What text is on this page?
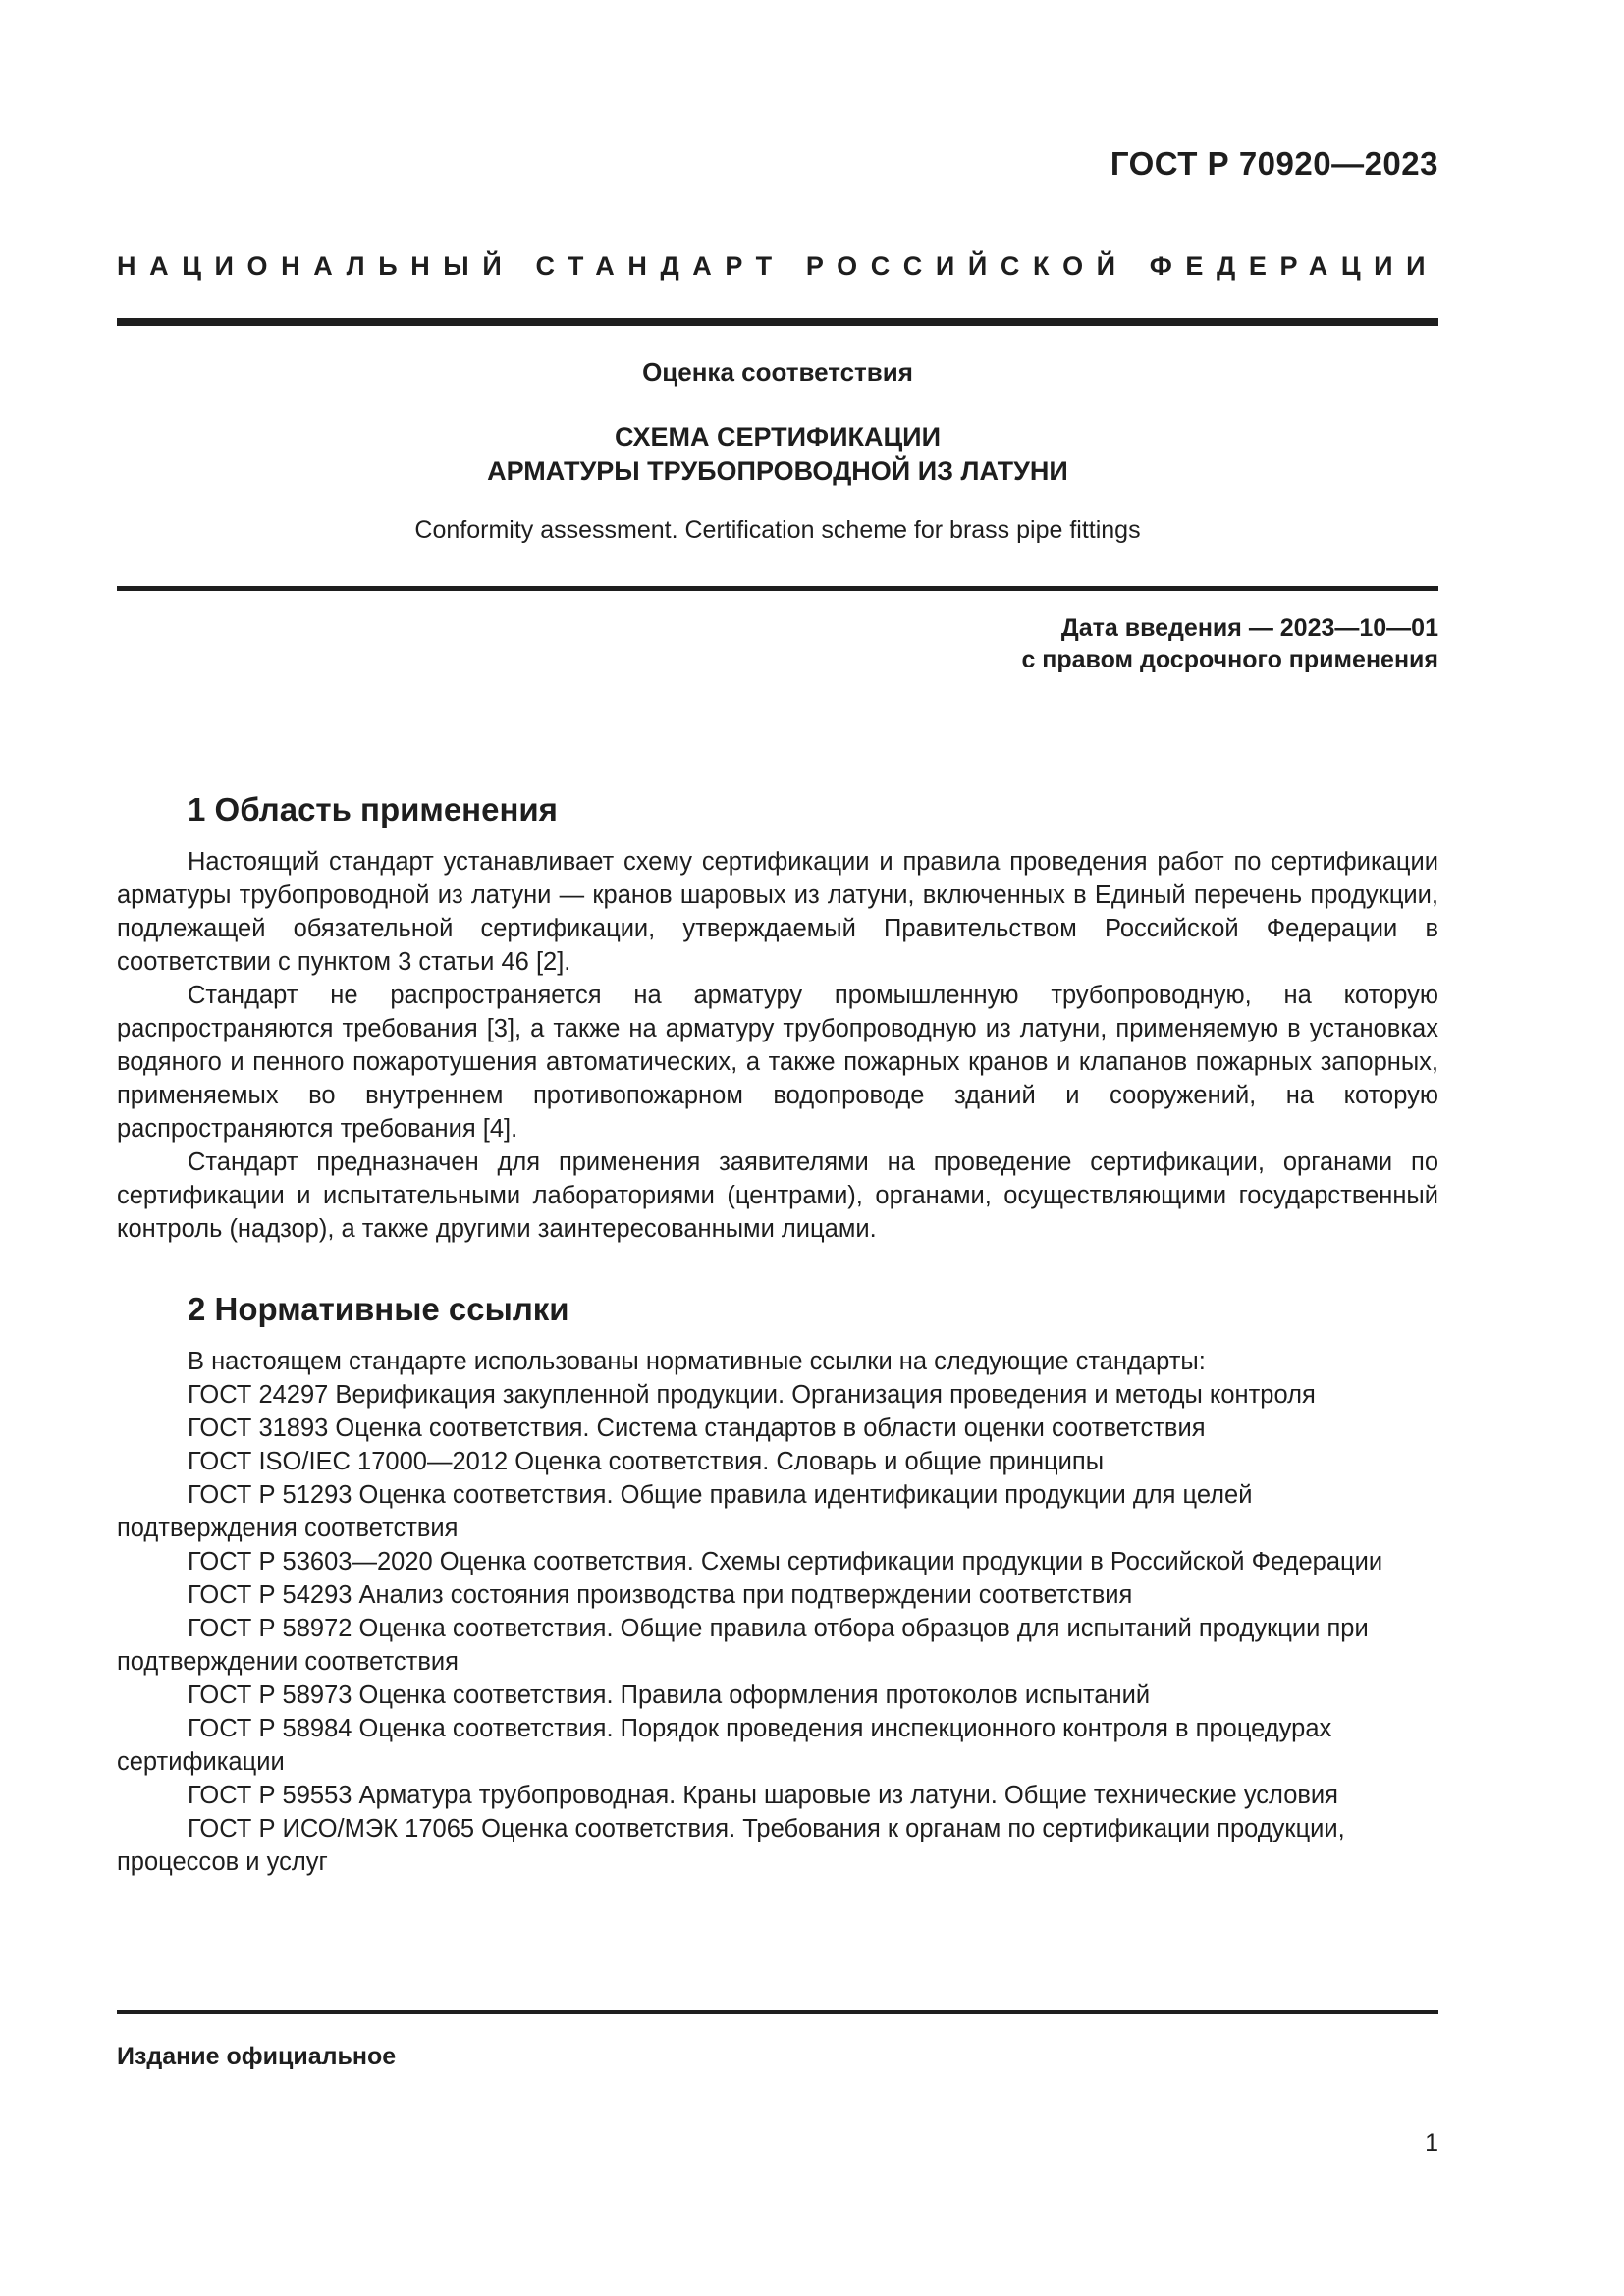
ГОСТ Р 70920—2023
НАЦИОНАЛЬНЫЙ СТАНДАРТ РОССИЙСКОЙ ФЕДЕРАЦИИ
Оценка соответствия
СХЕМА СЕРТИФИКАЦИИ
АРМАТУРЫ ТРУБОПРОВОДНОЙ ИЗ ЛАТУНИ
Conformity assessment. Certification scheme for brass pipe fittings
Дата введения — 2023—10—01
с правом досрочного применения
1 Область применения

Настоящий стандарт устанавливает схему сертификации и правила проведения работ по сертификации арматуры трубопроводной из латуни — кранов шаровых из латуни, включенных в Единый перечень продукции, подлежащей обязательной сертификации, утверждаемый Правительством Российской Федерации в соответствии с пунктом 3 статьи 46 [2].

Стандарт не распространяется на арматуру промышленную трубопроводную, на которую распространяются требования [3], а также на арматуру трубопроводную из латуни, применяемую в установках водяного и пенного пожаротушения автоматических, а также пожарных кранов и клапанов пожарных запорных, применяемых во внутреннем противопожарном водопроводе зданий и сооружений, на которую распространяются требования [4].

Стандарт предназначен для применения заявителями на проведение сертификации, органами по сертификации и испытательными лабораториями (центрами), органами, осуществляющими государственный контроль (надзор), а также другими заинтересованными лицами.

2 Нормативные ссылки

В настоящем стандарте использованы нормативные ссылки на следующие стандарты:

ГОСТ 24297 Верификация закупленной продукции. Организация проведения и методы контроля

ГОСТ 31893 Оценка соответствия. Система стандартов в области оценки соответствия

ГОСТ ISO/IEC 17000—2012 Оценка соответствия. Словарь и общие принципы

ГОСТ Р 51293 Оценка соответствия. Общие правила идентификации продукции для целей подтверждения соответствия

ГОСТ Р 53603—2020 Оценка соответствия. Схемы сертификации продукции в Российской Федерации

ГОСТ Р 54293 Анализ состояния производства при подтверждении соответствия

ГОСТ Р 58972 Оценка соответствия. Общие правила отбора образцов для испытаний продукции при подтверждении соответствия

ГОСТ Р 58973 Оценка соответствия. Правила оформления протоколов испытаний

ГОСТ Р 58984 Оценка соответствия. Порядок проведения инспекционного контроля в процедурах сертификации

ГОСТ Р 59553 Арматура трубопроводная. Краны шаровые из латуни. Общие технические условия

ГОСТ Р ИСО/МЭК 17065 Оценка соответствия. Требования к органам по сертификации продукции, процессов и услуг

Издание официальное
1
